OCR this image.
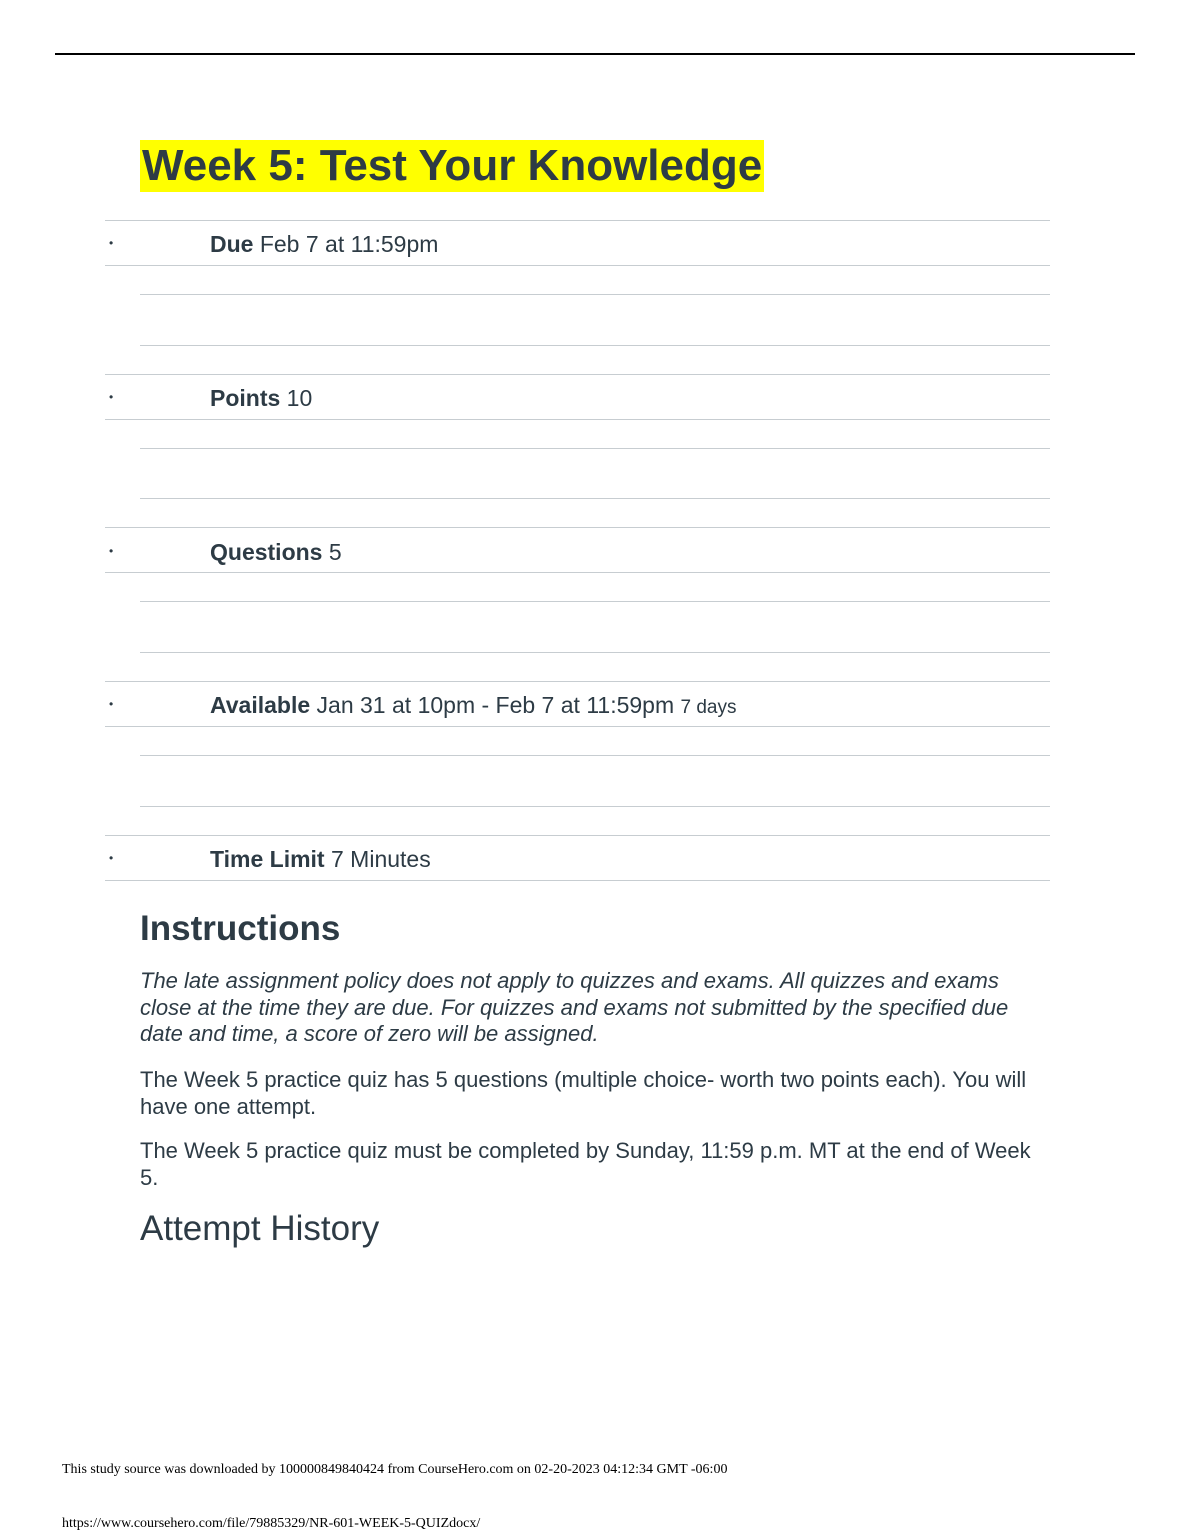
Week 5: Test Your Knowledge
•	Due Feb 7 at 11:59pm
•	Points 10
•	Questions 5
•	Available Jan 31 at 10pm - Feb 7 at 11:59pm 7 days
•	Time Limit 7 Minutes
Instructions

The late assignment policy does not apply to quizzes and exams. All quizzes and exams close at the time they are due. For quizzes and exams not submitted by the specified due date and time, a score of zero will be assigned.

The Week 5 practice quiz has 5 questions (multiple choice- worth two points each). You will have one attempt.

The Week 5 practice quiz must be completed by Sunday, 11:59 p.m. MT at the end of Week 5.

Attempt History
This study source was downloaded by 100000849840424 from CourseHero.com on 02-20-2023 04:12:34 GMT -06:00
https://www.coursehero.com/file/79885329/NR-601-WEEK-5-QUIZdocx/
